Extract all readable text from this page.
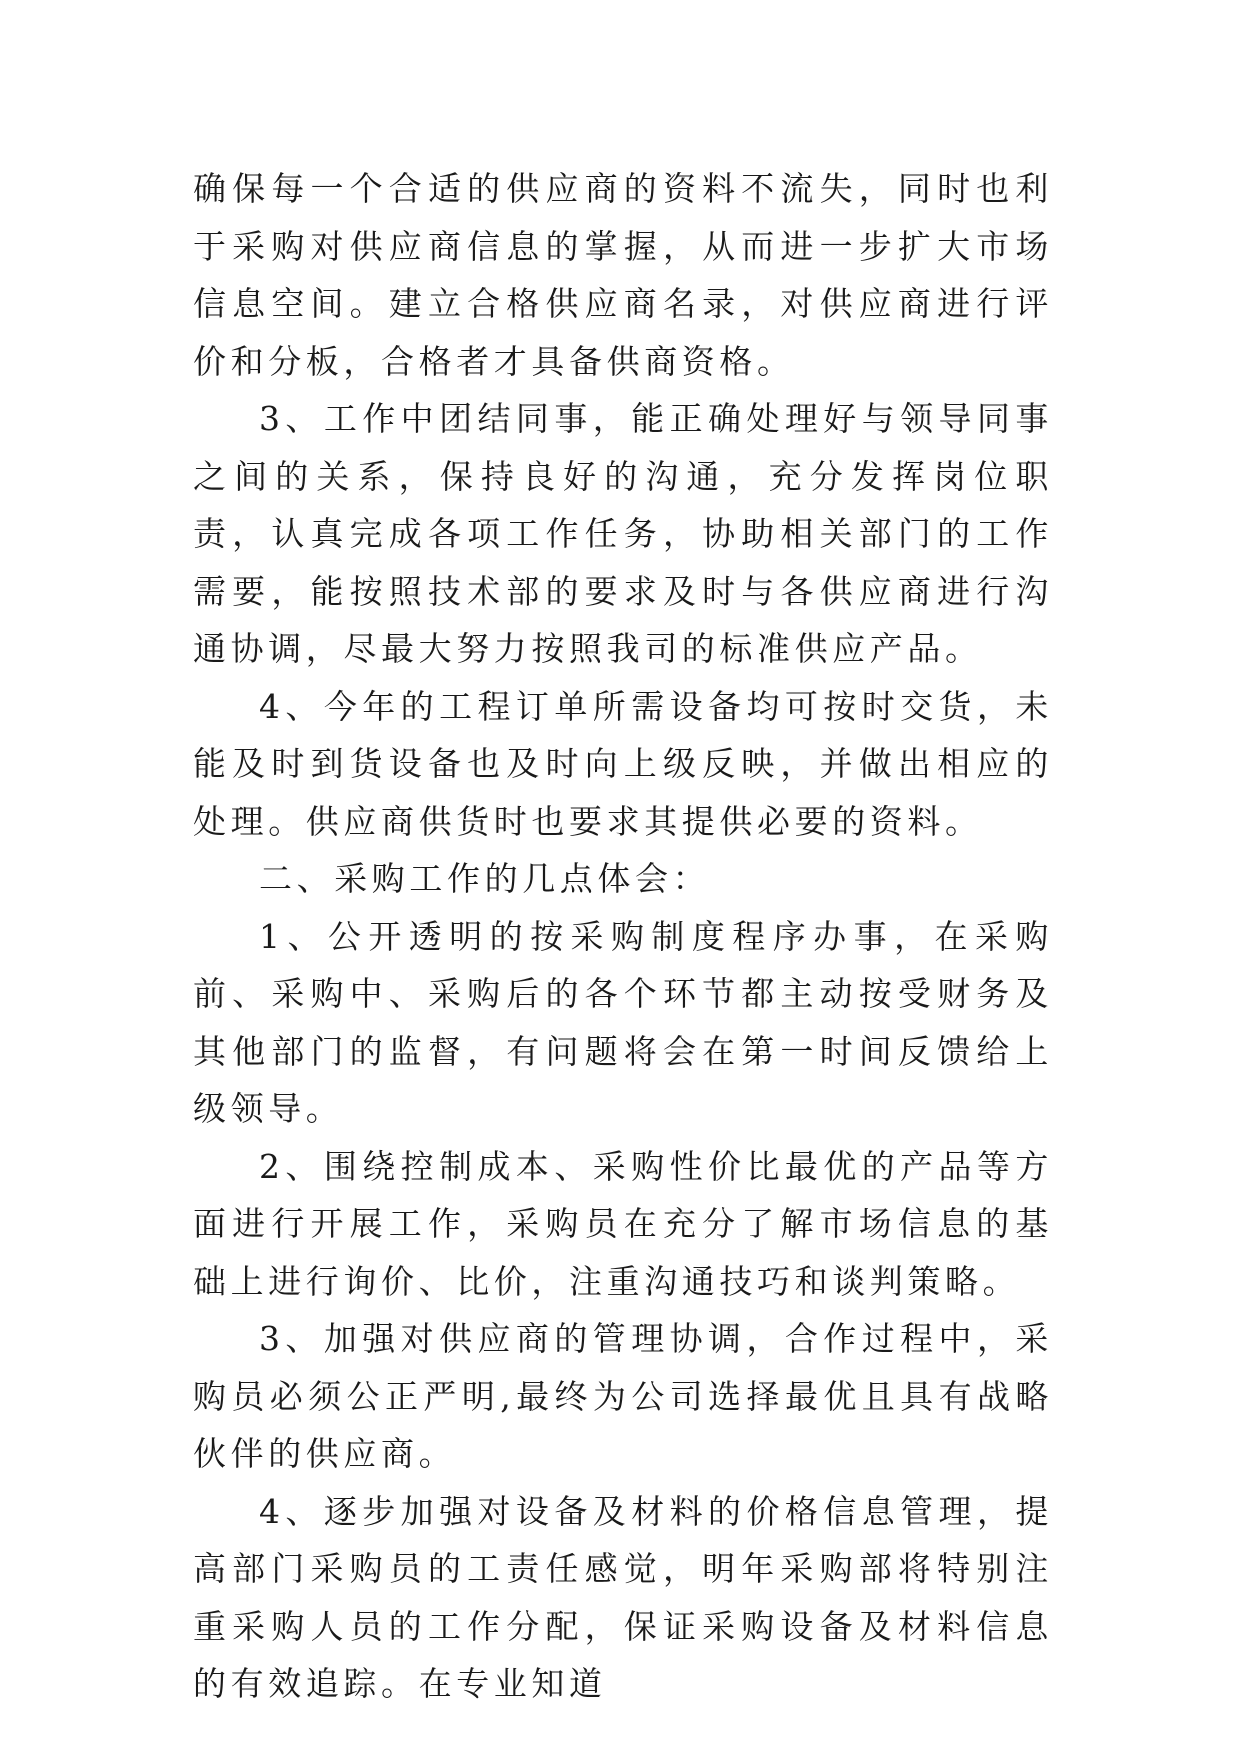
确保每一个合适的供应商的资料不流失，同时也利于采购对供应商信息的掌握，从而进一步扩大市场信息空间。建立合格供应商名录，对供应商进行评价和分板，合格者才具备供商资格。

3、工作中团结同事，能正确处理好与领导同事之间的关系，保持良好的沟通，充分发挥岗位职责，认真完成各项工作任务，协助相关部门的工作需要，能按照技术部的要求及时与各供应商进行沟通协调，尽最大努力按照我司的标准供应产品。

4、今年的工程订单所需设备均可按时交货，未能及时到货设备也及时向上级反映，并做出相应的处理。供应商供货时也要求其提供必要的资料。

二、采购工作的几点体会：

1、公开透明的按采购制度程序办事，在采购前、采购中、采购后的各个环节都主动按受财务及其他部门的监督，有问题将会在第一时间反馈给上级领导。

2、围绕控制成本、采购性价比最优的产品等方面进行开展工作，采购员在充分了解市场信息的基础上进行询价、比价，注重沟通技巧和谈判策略。

3、加强对供应商的管理协调，合作过程中，采购员必须公正严明,最终为公司选择最优且具有战略伙伴的供应商。

4、逐步加强对设备及材料的价格信息管理，提高部门采购员的工责任感觉，明年采购部将特别注重采购人员的工作分配，保证采购设备及材料信息的有效追踪。在专业知道
